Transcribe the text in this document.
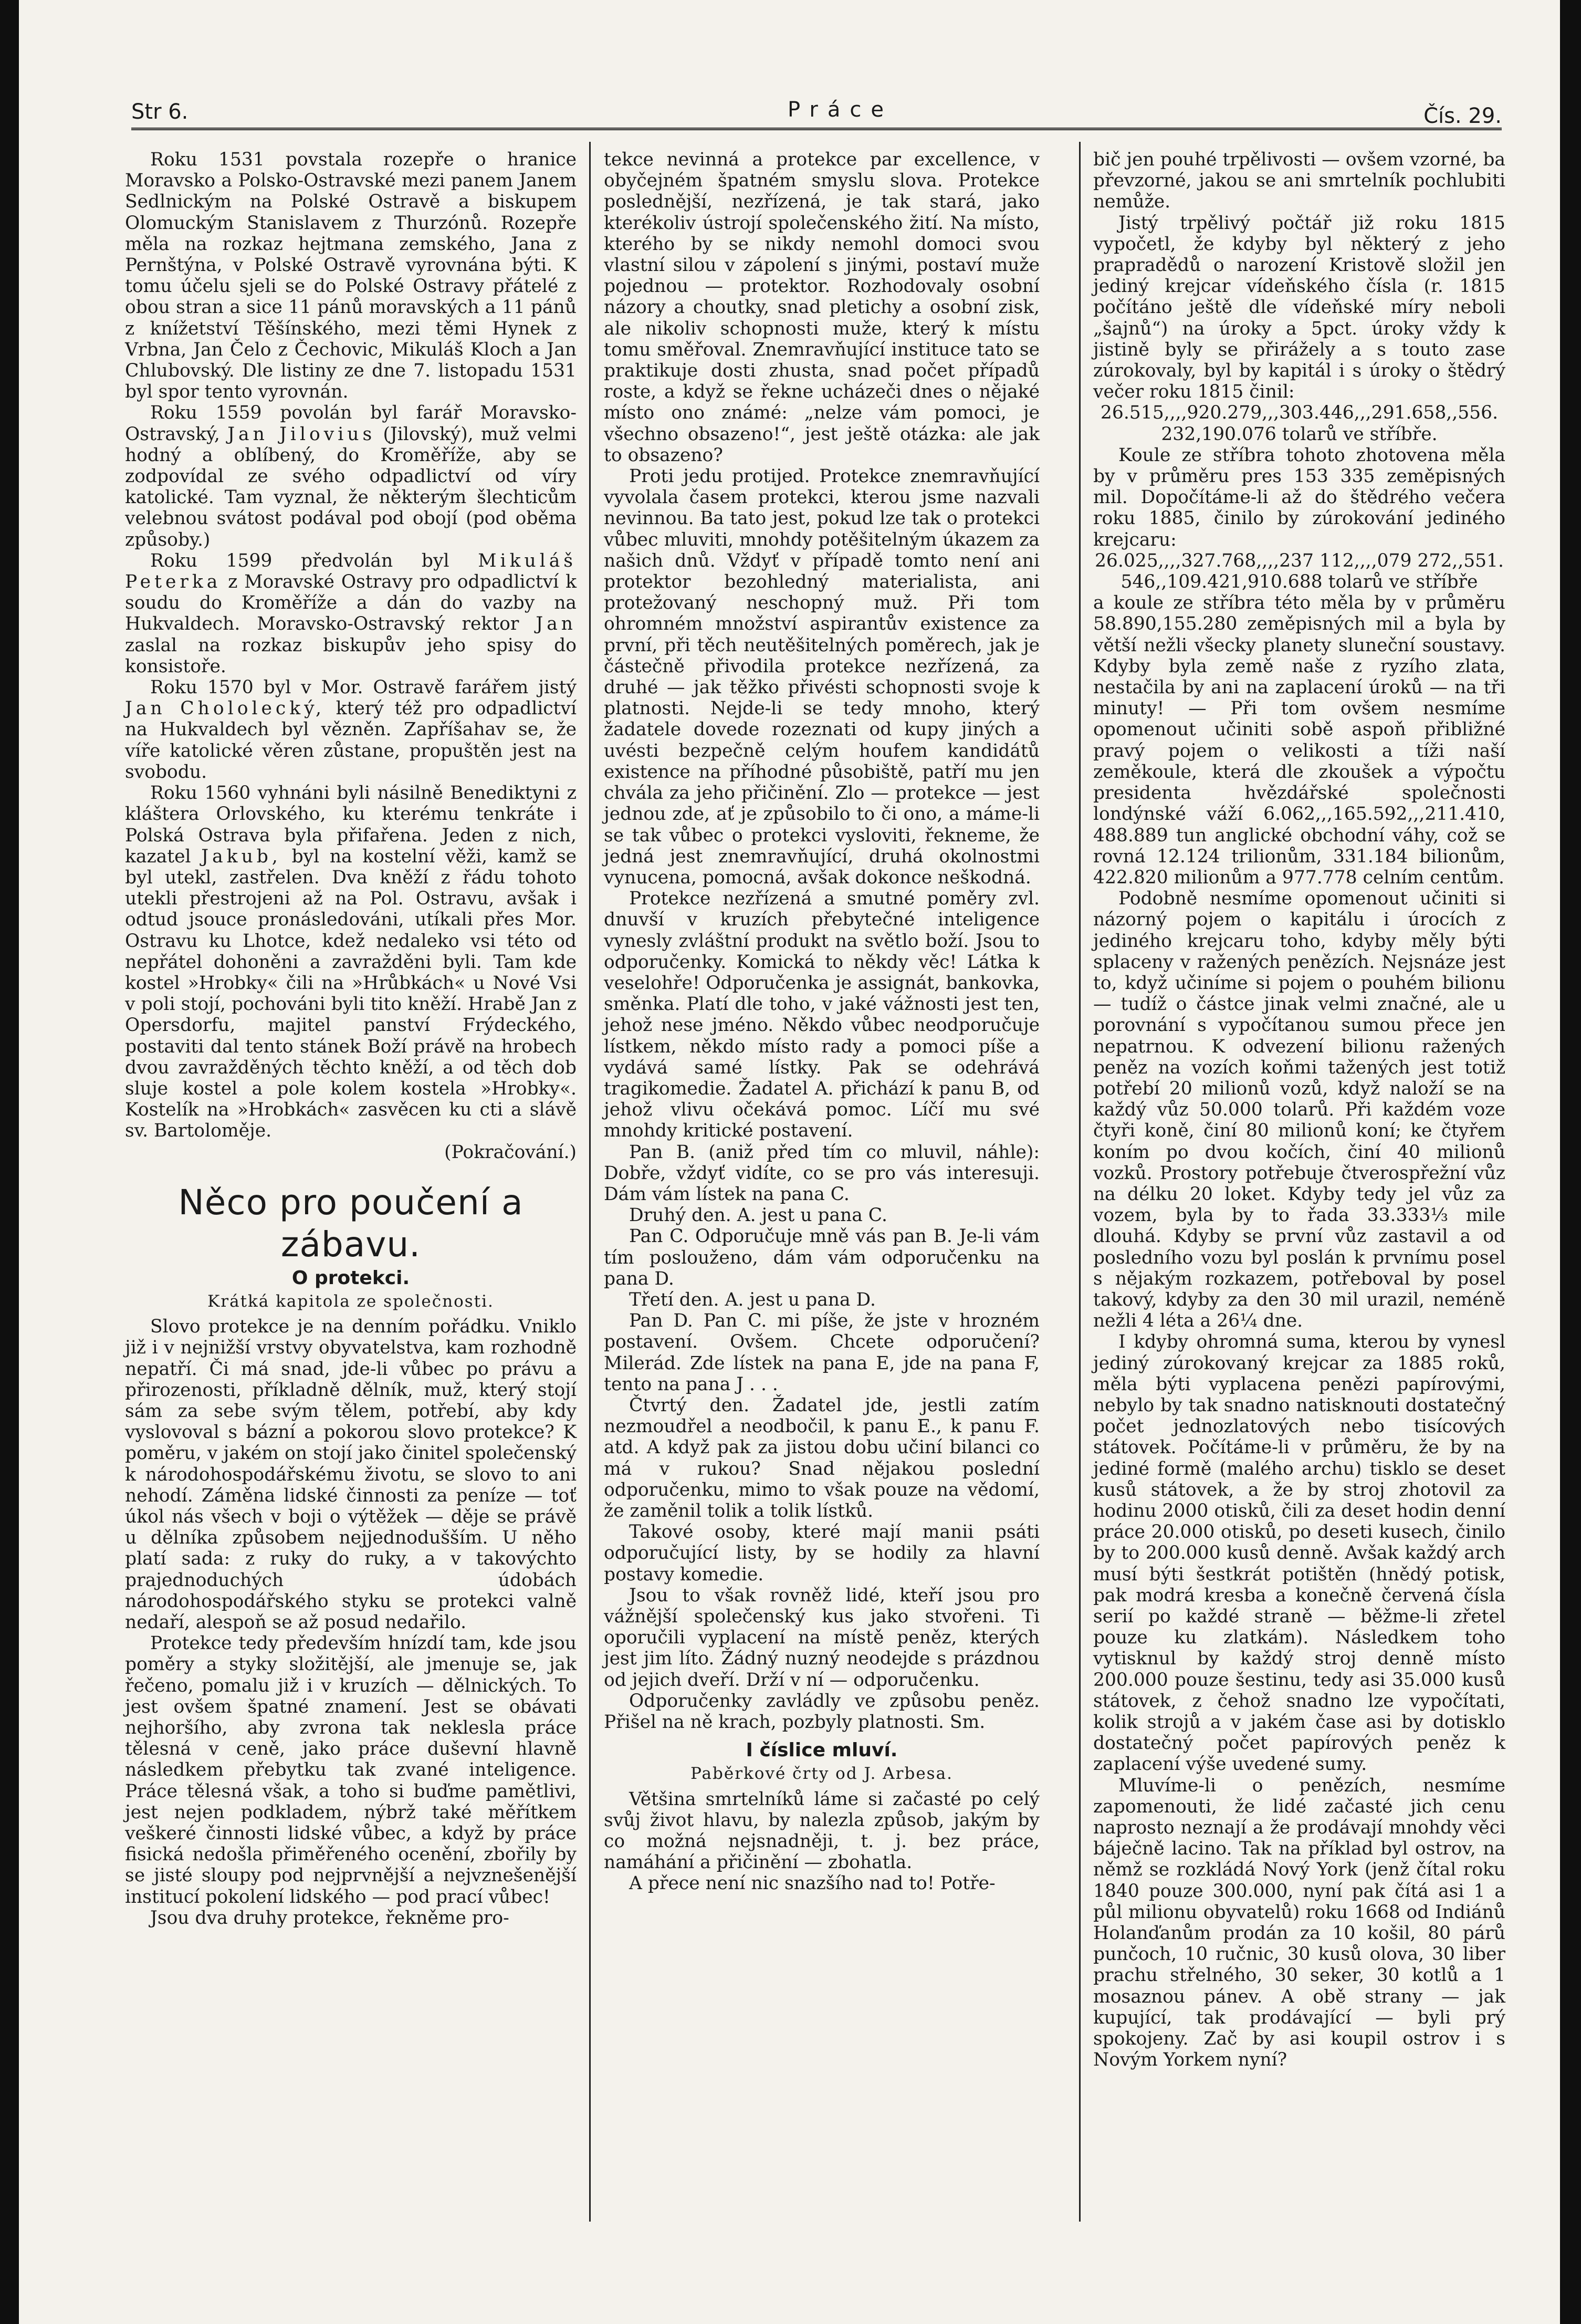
Str 6.	Práce	Čís. 29.

Roku 1531 povstala rozepře o hranice Moravsko a Polsko-Ostravské mezi panem Janem Sedlnickým na Polské Ostravě a biskupem Olomuckým Stanislavem z Thurzónů. Rozepře měla na rozkaz hejtmana zemského, Jana z Pernštýna, v Polské Ostravě vyrovnána býti. K tomu účelu sjeli se do Polské Ostravy přátelé z obou stran a sice 11 pánů moravských a 11 pánů z knížetství Těšínského, mezi těmi Hynek z Vrbna, Jan Čelo z Čechovic, Mikuláš Kloch a Jan Chlubovský. Dle listiny ze dne 7. listopadu 1531 byl spor tento vyrovnán.

Roku 1559 povolán byl farář Moravsko-Ostravský, Jan Jilovius (Jilovský), muž velmi hodný a oblíbený, do Kroměříže, aby se zodpovídal ze svého odpadlictví od víry katolické. Tam vyznal, že některým šlechticům velebnou svátost podával pod obojí (pod oběma způsoby.)

Roku 1599 předvolán byl Mikuláš Peterka z Moravské Ostravy pro odpadlictví k soudu do Kroměříže a dán do vazby na Hukvaldech. Moravsko-Ostravský rektor Jan zaslal na rozkaz biskupův jeho spisy do konsistoře.

Roku 1570 byl v Mor. Ostravě farářem jistý Jan Chololecký, který též pro odpadlictví na Hukvaldech byl vězněn. Zapříšahav se, že víře katolické věren zůstane, propuštěn jest na svobodu.

Roku 1560 vyhnáni byli násilně Benediktyni z kláštera Orlovského, ku kterému tenkráte i Polská Ostrava byla přifařena. Jeden z nich, kazatel Jakub, byl na kostelní věži, kamž se byl utekl, zastřelen. Dva kněží z řádu tohoto utekli přestrojeni až na Pol. Ostravu, avšak i odtud jsouce pronásledováni, utíkali přes Mor. Ostravu ku Lhotce, kdež nedaleko vsi této od nepřátel dohoněni a zavražděni byli. Tam kde kostel »Hrobky« čili na »Hrůbkách« u Nové Vsi v poli stojí, pochováni byli tito kněží. Hrabě Jan z Opersdorfu, majitel panství Frýdeckého, postaviti dal tento stánek Boží právě na hrobech dvou zavražděných těchto kněží, a od těch dob sluje kostel a pole kolem kostela »Hrobky«. Kostelík na »Hrobkách« zasvěcen ku cti a slávě sv. Bartoloměje.

(Pokračování.)

Něco pro poučení a zábavu.
O protekci.
Krátká kapitola ze společnosti.

Slovo protekce je na denním pořádku. Vniklo již i v nejnižší vrstvy obyvatelstva, kam rozhodně nepatří. Či má snad, jde-li vůbec po právu a přirozenosti, příkladně dělník, muž, který stojí sám za sebe svým tělem, potřebí, aby kdy vyslovoval s bázní a pokorou slovo protekce? K poměru, v jakém on stojí jako činitel společenský k národohospodářskému životu, se slovo to ani nehodí. Záměna lidské činnosti za peníze — toť úkol nás všech v boji o výtěžek — děje se právě u dělníka způsobem nejjednodušším. U něho platí sada: z ruky do ruky, a v takovýchto prajednoduchých údobách národohospodářského styku se protekci valně nedaří, alespoň se až posud nedařilo.

Protekce tedy především hnízdí tam, kde jsou poměry a styky složitější, ale jmenuje se, jak řečeno, pomalu již i v kruzích — dělnických. To jest ovšem špatné znamení. Jest se obávati nejhoršího, aby zvrona tak neklesla práce tělesná v ceně, jako práce duševní hlavně následkem přebytku tak zvané inteligence. Práce tělesná však, a toho si buďme pamětlivi, jest nejen podkladem, nýbrž také měřítkem veškeré činnosti lidské vůbec, a když by práce fisická nedošla přiměřeného ocenění, zbořily by se jisté sloupy pod nejprvnější a nejvznešenější institucí pokolení lidského — pod prací vůbec!

Jsou dva druhy protekce, řekněme pro-

tekce nevinná a protekce par excellence, v obyčejném špatném smyslu slova. Protekce poslednější, nezřízená, je tak stará, jako kterékoliv ústrojí společenského žití. Na místo, kterého by se nikdy nemohl domoci svou vlastní silou v zápolení s jinými, postaví muže pojednou — protektor. Rozhodovaly osobní názory a choutky, snad pletichy a osobní zisk, ale nikoliv schopnosti muže, který k místu tomu směřoval. Znemravňující instituce tato se praktikuje dosti zhusta, snad počet případů roste, a když se řekne ucházeči dnes o nějaké místo ono známé: „nelze vám pomoci, je všechno obsazeno!“, jest ještě otázka: ale jak to obsazeno?

Proti jedu protijed. Protekce znemravňující vyvolala časem protekci, kterou jsme nazvali nevinnou. Ba tato jest, pokud lze tak o protekci vůbec mluviti, mnohdy potěšitelným úkazem za našich dnů. Vždyť v případě tomto není ani protektor bezohledný materialista, ani protežovaný neschopný muž. Při tom ohromném množství aspirantův existence za první, při těch neutěšitelných poměrech, jak je částečně přivodila protekce nezřízená, za druhé — jak těžko přivésti schopnosti svoje k platnosti. Nejde-li se tedy mnoho, který žadatele dovede rozeznati od kupy jiných a uvésti bezpečně celým houfem kandidátů existence na příhodné působiště, patří mu jen chvála za jeho přičinění. Zlo — protekce — jest jednou zde, ať je způsobilo to či ono, a máme-li se tak vůbec o protekci vysloviti, řekneme, že jedná jest znemravňující, druhá okolnostmi vynucena, pomocná, avšak dokonce neškodná.

Protekce nezřízená a smutné poměry zvl. dnuvší v kruzích přebytečné inteligence vynesly zvláštní produkt na světlo boží. Jsou to odporučenky. Komická to někdy věc! Látka k veselohře! Odporučenka je assignát, bankovka, směnka. Platí dle toho, v jaké vážnosti jest ten, jehož nese jméno. Někdo vůbec neodporučuje lístkem, někdo místo rady a pomoci píše a vydává samé lístky. Pak se odehrává tragikomedie. Žadatel A. přichází k panu B, od jehož vlivu očekává pomoc. Líčí mu své mnohdy kritické postavení.

Pan B. (aniž před tím co mluvil, náhle): Dobře, vždyť vidíte, co se pro vás interesuji. Dám vám lístek na pana C.

Druhý den. A. jest u pana C.

Pan C. Odporučuje mně vás pan B. Je-li vám tím poslouženo, dám vám odporučenku na pana D.

Třetí den. A. jest u pana D.

Pan D. Pan C. mi píše, že jste v hrozném postavení. Ovšem. Chcete odporučení? Milerád. Zde lístek na pana E, jde na pana F, tento na pana J . . .

Čtvrtý den. Žadatel jde, jestli zatím nezmoudřel a neodbočil, k panu E., k panu F. atd. A když pak za jistou dobu učiní bilanci co má v rukou? Snad nějakou poslední odporučenku, mimo to však pouze na vědomí, že zaměnil tolik a tolik lístků.

Takové osoby, které mají manii psáti odporučující listy, by se hodily za hlavní postavy komedie.

Jsou to však rovněž lidé, kteří jsou pro vážnější společenský kus jako stvořeni. Ti oporučili vyplacení na místě peněz, kterých jest jim líto. Žádný nuzný neodejde s prázdnou od jejich dveří. Drží v ní — odporučenku.

Odporučenky zavládly ve způsobu peněz. Přišel na ně krach, pozbyly platnosti. Sm.

I číslice mluví.
Paběrkové črty od J. Arbesa.

Většina smrtelníků láme si začasté po celý svůj život hlavu, by nalezla způsob, jakým by co možná nejsnadněji, t. j. bez práce, namáhání a přičinění — zbohatla.

A přece není nic snazšího nad to! Potře-

bič jen pouhé trpělivosti — ovšem vzorné, ba převzorné, jakou se ani smrtelník pochlubiti nemůže.

Jistý trpělivý počtář již roku 1815 vypočetl, že kdyby byl některý z jeho prapradědů o narození Kristově složil jen jediný krejcar vídeňského čísla (r. 1815 počítáno ještě dle vídeňské míry neboli „šajnů“) na úroky a 5pct. úroky vždy k jistině byly se přirážely a s touto zase zúrokovaly, byl by kapitál i s úroky o štědrý večer roku 1815 činil:

26.515,,,,920.279,,,303.446,,,291.658,,556. 232,190.076 tolarů ve stříbře.

Koule ze stříbra tohoto zhotovena měla by v průměru pres 153 335 zeměpisných mil. Dopočítáme-li až do štědrého večera roku 1885, činilo by zúrokování jediného krejcaru:

26.025,,,,327.768,,,,237 112,,,,079 272,,551. 546,,109.421,910.688 tolarů ve stříbře

a koule ze stříbra této měla by v průměru 58.890,155.280 zeměpisných mil a byla by větší nežli všecky planety sluneční soustavy. Kdyby byla země naše z ryzího zlata, nestačila by ani na zaplacení úroků — na tři minuty! — Při tom ovšem nesmíme opomenout učiniti sobě aspoň přibližné pravý pojem o velikosti a tíži naší zeměkoule, která dle zkoušek a výpočtu presidenta hvězdářské společnosti londýnské váží 6.062,,,165.592,,,211.410, 488.889 tun anglické obchodní váhy, což se rovná 12.124 trilionům, 331.184 bilionům, 422.820 milionům a 977.778 celním centům.

Podobně nesmíme opomenout učiniti si názorný pojem o kapitálu i úrocích z jediného krejcaru toho, kdyby měly býti splaceny v ražených penězích. Nejsnáze jest to, když učiníme si pojem o pouhém bilionu — tudíž o částce jinak velmi značné, ale u porovnání s vypočítanou sumou přece jen nepatrnou. K odvezení bilionu ražených peněz na vozích koňmi tažených jest totiž potřebí 20 milionů vozů, když naloží se na každý vůz 50.000 tolarů. Při každém voze čtyři koně, činí 80 milionů koní; ke čtyřem koním po dvou kočích, činí 40 milionů vozků. Prostory potřebuje čtverospřežní vůz na délku 20 loket. Kdyby tedy jel vůz za vozem, byla by to řada 33.333⅓ mile dlouhá. Kdyby se první vůz zastavil a od posledního vozu byl poslán k prvnímu posel s nějakým rozkazem, potřeboval by posel takový, kdyby za den 30 mil urazil, neméně nežli 4 léta a 26¼ dne.

I kdyby ohromná suma, kterou by vynesl jediný zúrokovaný krejcar za 1885 roků, měla býti vyplacena penězi papírovými, nebylo by tak snadno natisknouti dostatečný počet jednozlatových nebo tisícových státovek. Počítáme-li v průměru, že by na jediné formě (malého archu) tisklo se deset kusů státovek, a že by stroj zhotovil za hodinu 2000 otisků, čili za deset hodin denní práce 20.000 otisků, po deseti kusech, činilo by to 200.000 kusů denně. Avšak každý arch musí býti šestkrát potištěn (hnědý potisk, pak modrá kresba a konečně červená čísla serií po každé straně — běžme-li zřetel pouze ku zlatkám). Následkem toho vytisknul by každý stroj denně místo 200.000 pouze šestinu, tedy asi 35.000 kusů státovek, z čehož snadno lze vypočítati, kolik strojů a v jakém čase asi by dotisklo dostatečný počet papírových peněz k zaplacení výše uvedené sumy.

Mluvíme-li o penězích, nesmíme zapomenouti, že lidé začasté jich cenu naprosto neznají a že prodávají mnohdy věci báječně lacino. Tak na příklad byl ostrov, na němž se rozkládá Nový York (jenž čítal roku 1840 pouze 300.000, nyní pak čítá asi 1 a půl milionu obyvatelů) roku 1668 od Indiánů Holanďanům prodán za 10 košil, 80 párů punčoch, 10 ručnic, 30 kusů olova, 30 liber prachu střelného, 30 seker, 30 kotlů a 1 mosaznou pánev. A obě strany — jak kupující, tak prodávající — byli prý spokojeny. Zač by asi koupil ostrov i s Novým Yorkem nyní?
